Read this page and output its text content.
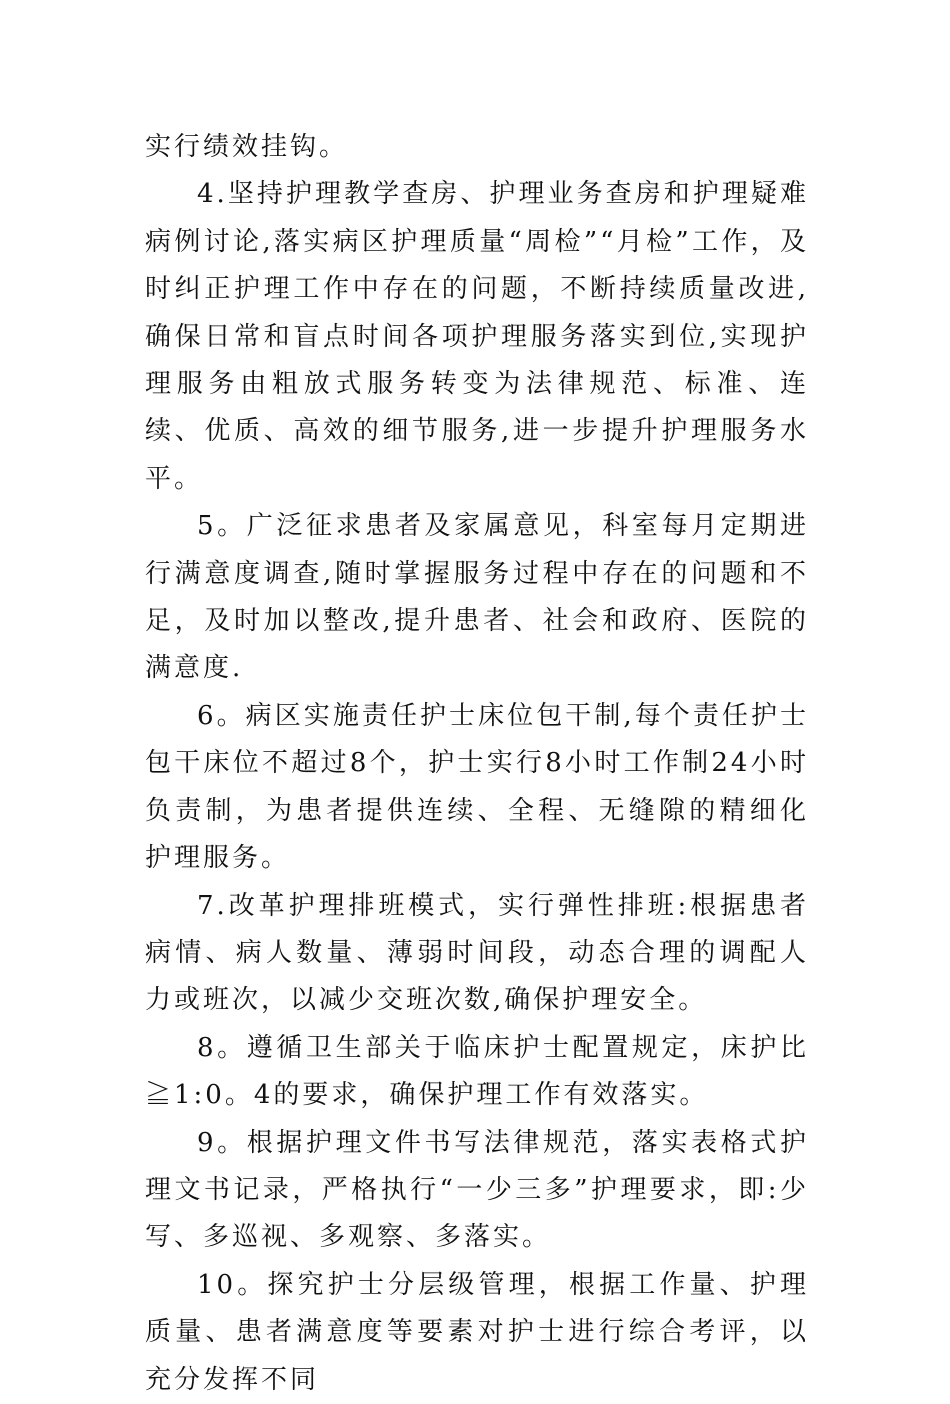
实行绩效挂钩。

4.坚持护理教学查房、护理业务查房和护理疑难病例讨论,落实病区护理质量“周检”“月检”工作，及时纠正护理工作中存在的问题，不断持续质量改进,确保日常和盲点时间各项护理服务落实到位,实现护理服务由粗放式服务转变为法律规范、标准、连续、优质、高效的细节服务,进一步提升护理服务水平。

5。广泛征求患者及家属意见，科室每月定期进行满意度调查,随时掌握服务过程中存在的问题和不足，及时加以整改,提升患者、社会和政府、医院的满意度.

6。病区实施责任护士床位包干制,每个责任护士包干床位不超过8个，护士实行8小时工作制24小时负责制，为患者提供连续、全程、无缝隙的精细化护理服务。

7.改革护理排班模式，实行弹性排班:根据患者病情、病人数量、薄弱时间段，动态合理的调配人力或班次，以减少交班次数,确保护理安全。

8。遵循卫生部关于临床护士配置规定，床护比≧1:0。4的要求，确保护理工作有效落实。

9。根据护理文件书写法律规范，落实表格式护理文书记录，严格执行“一少三多”护理要求，即:少写、多巡视、多观察、多落实。

10。探究护士分层级管理，根据工作量、护理质量、患者满意度等要素对护士进行综合考评，以充分发挥不同
